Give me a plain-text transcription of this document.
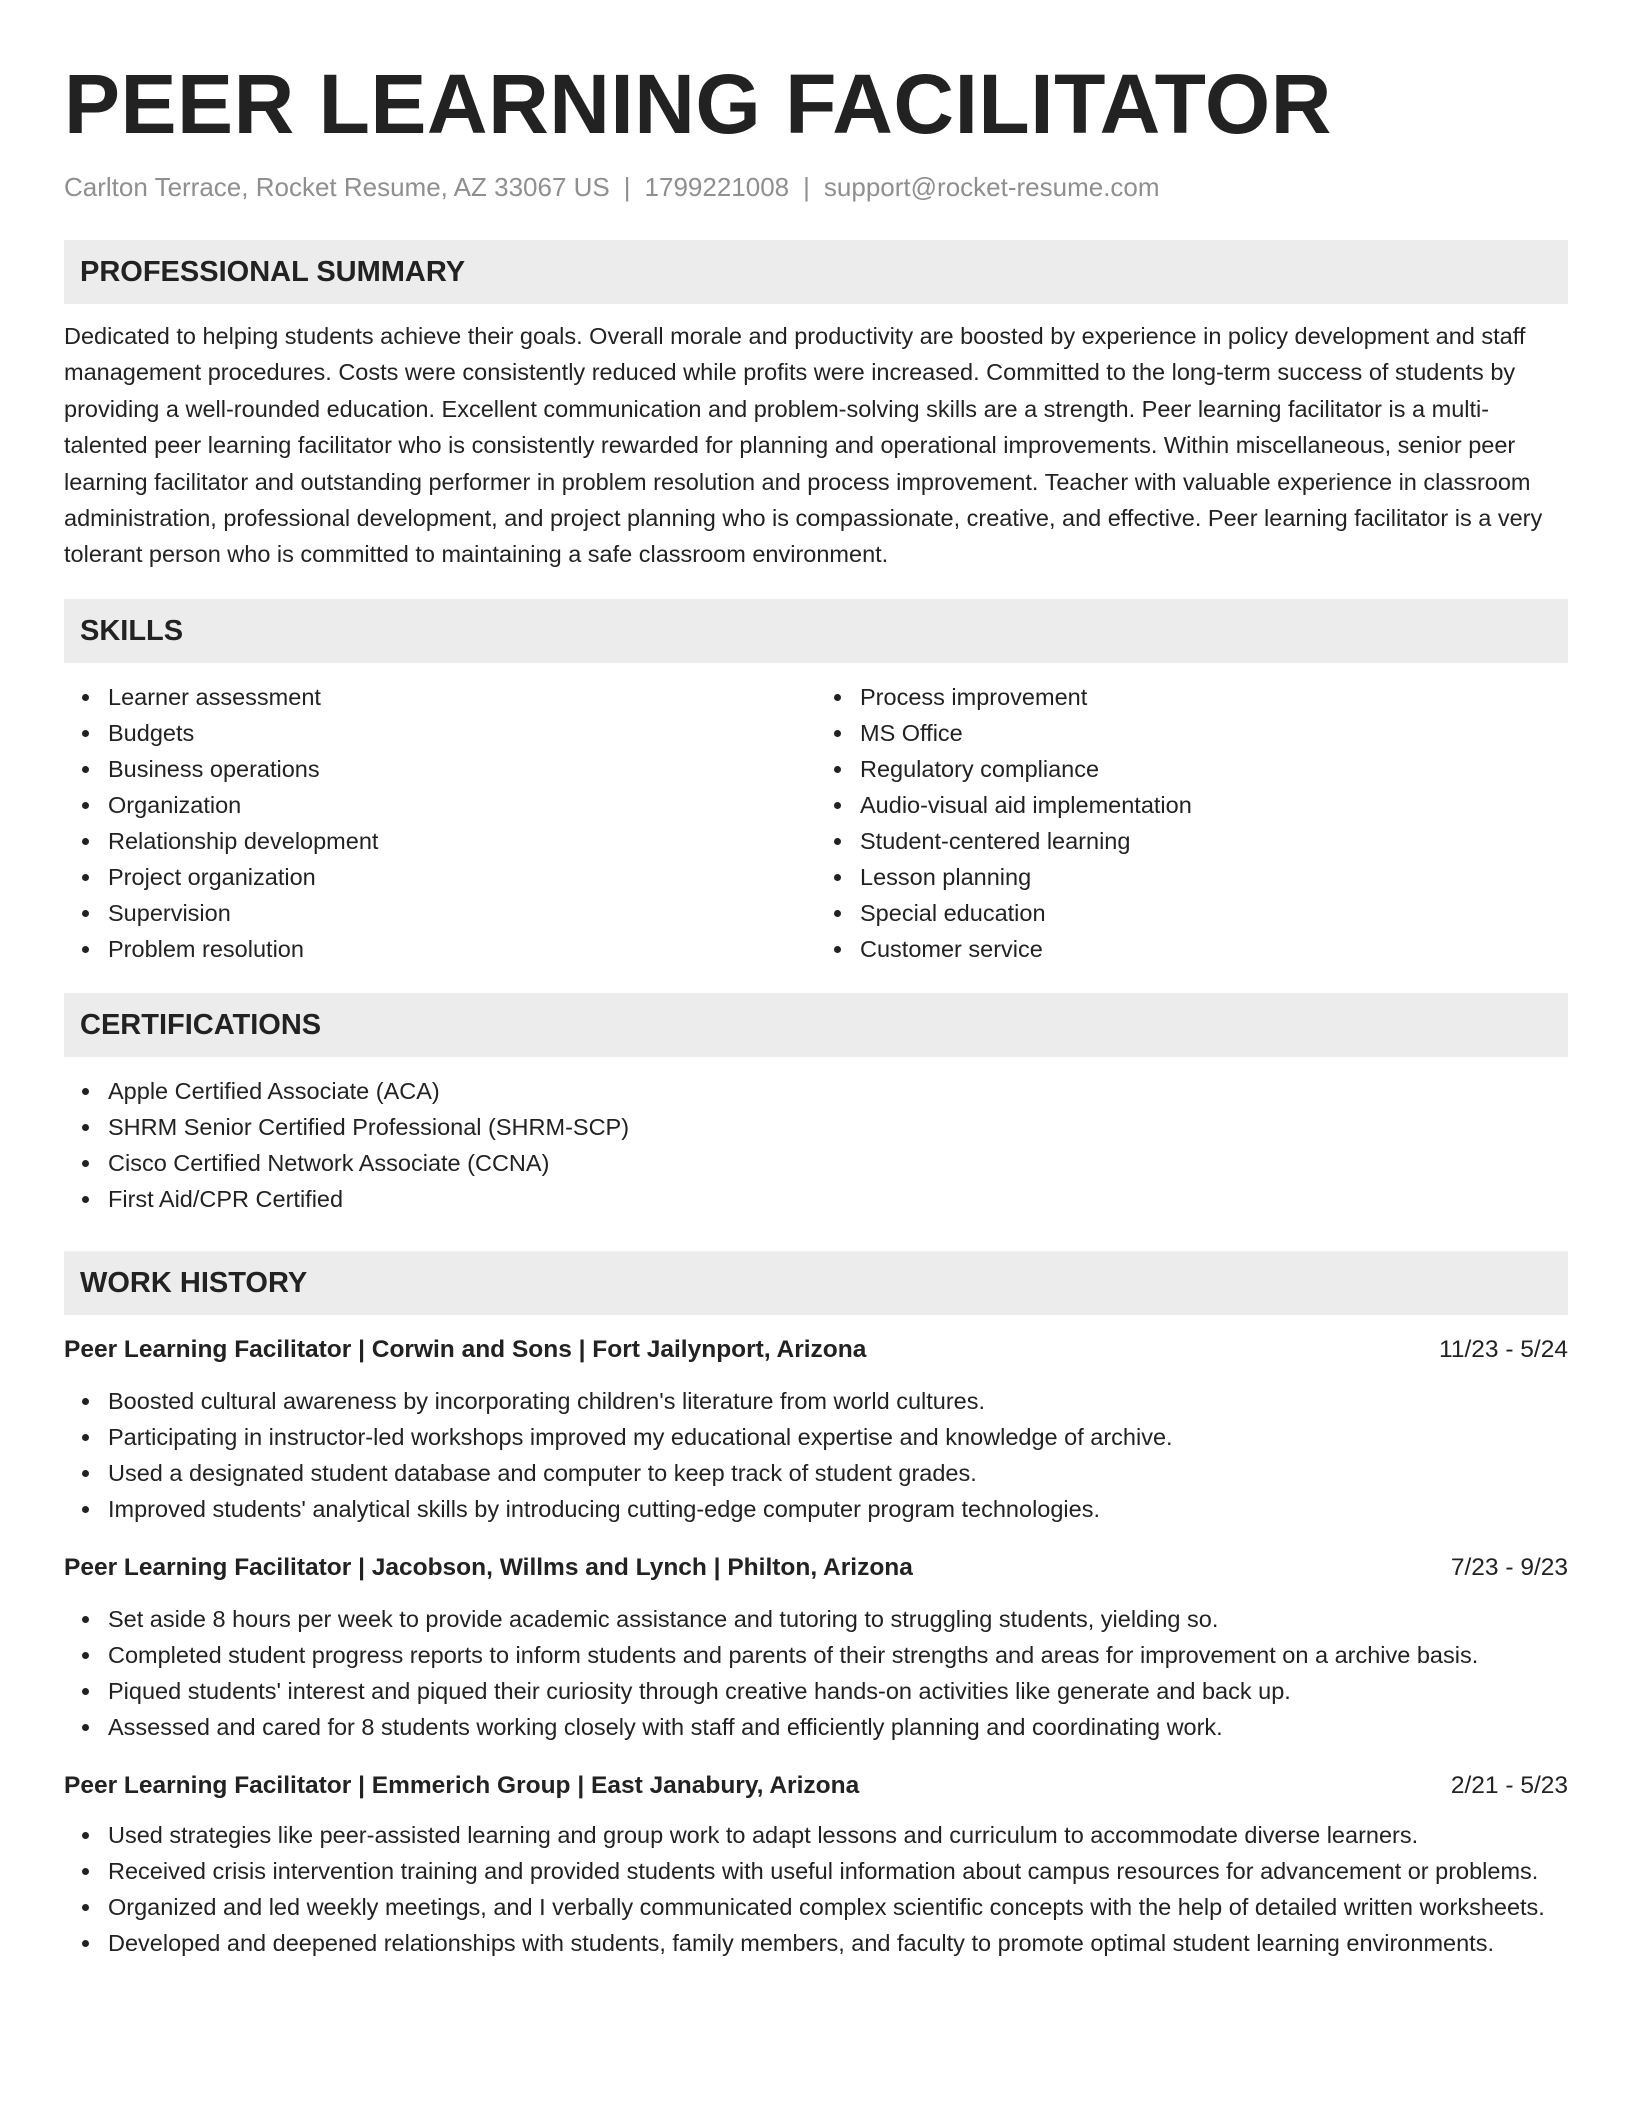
PEER LEARNING FACILITATOR
Carlton Terrace, Rocket Resume, AZ 33067 US | 1799221008 | support@rocket-resume.com
PROFESSIONAL SUMMARY

Dedicated to helping students achieve their goals. Overall morale and productivity are boosted by experience in policy development and staff management procedures. Costs were consistently reduced while profits were increased. Committed to the long-term success of students by providing a well-rounded education. Excellent communication and problem-solving skills are a strength. Peer learning facilitator is a multi-talented peer learning facilitator who is consistently rewarded for planning and operational improvements. Within miscellaneous, senior peer learning facilitator and outstanding performer in problem resolution and process improvement. Teacher with valuable experience in classroom administration, professional development, and project planning who is compassionate, creative, and effective. Peer learning facilitator is a very tolerant person who is committed to maintaining a safe classroom environment.

SKILLS
Learner assessment
Budgets
Business operations
Organization
Relationship development
Project organization
Supervision
Problem resolution
Process improvement
MS Office
Regulatory compliance
Audio-visual aid implementation
Student-centered learning
Lesson planning
Special education
Customer service
CERTIFICATIONS
Apple Certified Associate (ACA)
SHRM Senior Certified Professional (SHRM-SCP)
Cisco Certified Network Associate (CCNA)
First Aid/CPR Certified
WORK HISTORY
Peer Learning Facilitator | Corwin and Sons | Fort Jailynport, Arizona	11/23 - 5/24
Boosted cultural awareness by incorporating children's literature from world cultures.
Participating in instructor-led workshops improved my educational expertise and knowledge of archive.
Used a designated student database and computer to keep track of student grades.
Improved students' analytical skills by introducing cutting-edge computer program technologies.
Peer Learning Facilitator | Jacobson, Willms and Lynch | Philton, Arizona	7/23 - 9/23
Set aside 8 hours per week to provide academic assistance and tutoring to struggling students, yielding so.
Completed student progress reports to inform students and parents of their strengths and areas for improvement on a archive basis.
Piqued students' interest and piqued their curiosity through creative hands-on activities like generate and back up.
Assessed and cared for 8 students working closely with staff and efficiently planning and coordinating work.
Peer Learning Facilitator | Emmerich Group | East Janabury, Arizona	2/21 - 5/23
Used strategies like peer-assisted learning and group work to adapt lessons and curriculum to accommodate diverse learners.
Received crisis intervention training and provided students with useful information about campus resources for advancement or problems.
Organized and led weekly meetings, and I verbally communicated complex scientific concepts with the help of detailed written worksheets.
Developed and deepened relationships with students, family members, and faculty to promote optimal student learning environments.
